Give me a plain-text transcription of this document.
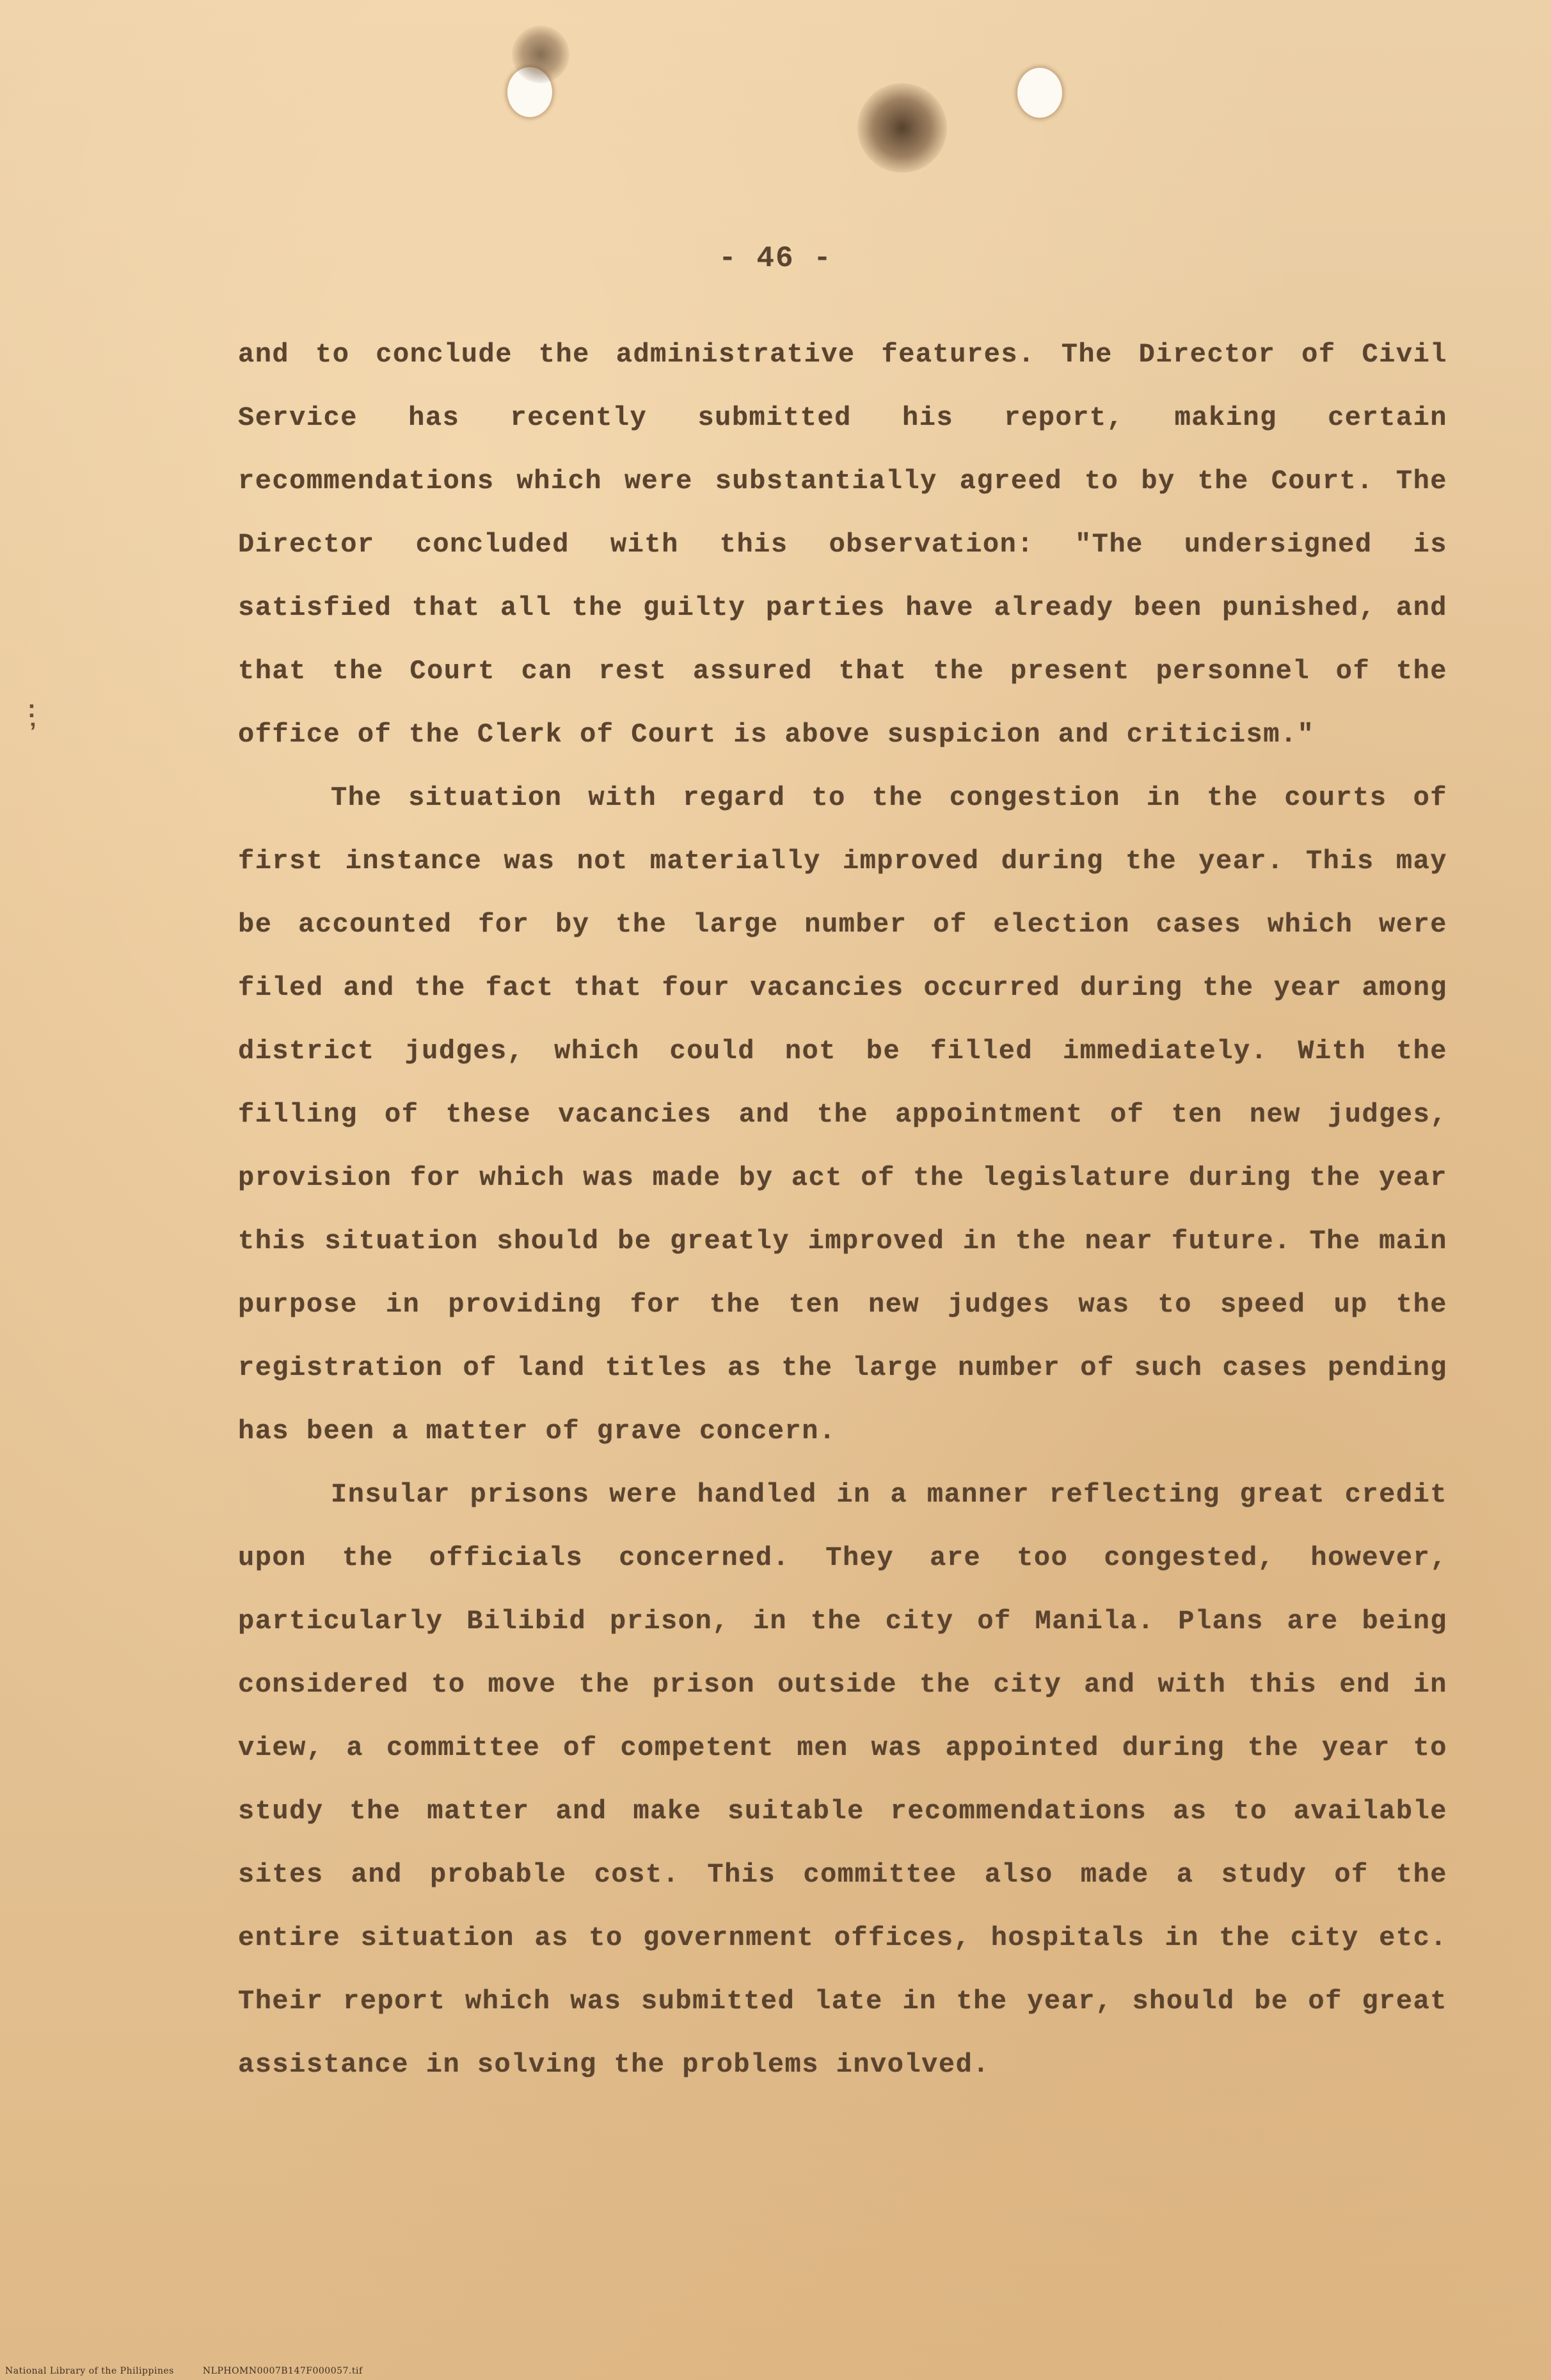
- 46 -
:
ʼ

and to conclude the administrative features. The Director of Civil Service has recently submitted his report, making certain recommendations which were substantially agreed to by the Court. The Director concluded with this observation: "The undersigned is satisfied that all the guilty parties have already been punished, and that the Court can rest assured that the present personnel of the office of the Clerk of Court is above suspicion and criticism."

The situation with regard to the congestion in the courts of first instance was not materially improved during the year. This may be accounted for by the large number of election cases which were filed and the fact that four vacancies occurred during the year among district judges, which could not be filled immediately. With the filling of these vacancies and the appointment of ten new judges, provision for which was made by act of the legislature during the year this situation should be greatly improved in the near future. The main purpose in providing for the ten new judges was to speed up the registration of land titles as the large number of such cases pending has been a matter of grave concern.

Insular prisons were handled in a manner reflecting great credit upon the officials concerned. They are too congested, however, particularly Bilibid prison, in the city of Manila. Plans are being considered to move the prison outside the city and with this end in view, a committee of competent men was appointed during the year to study the matter and make suitable recommendations as to available sites and probable cost. This committee also made a study of the entire situation as to government offices, hospitals in the city etc. Their report which was submitted late in the year, should be of great assistance in solving the problems involved.

National Library of the Philippines	NLPHOMN0007B147F000057.tif
